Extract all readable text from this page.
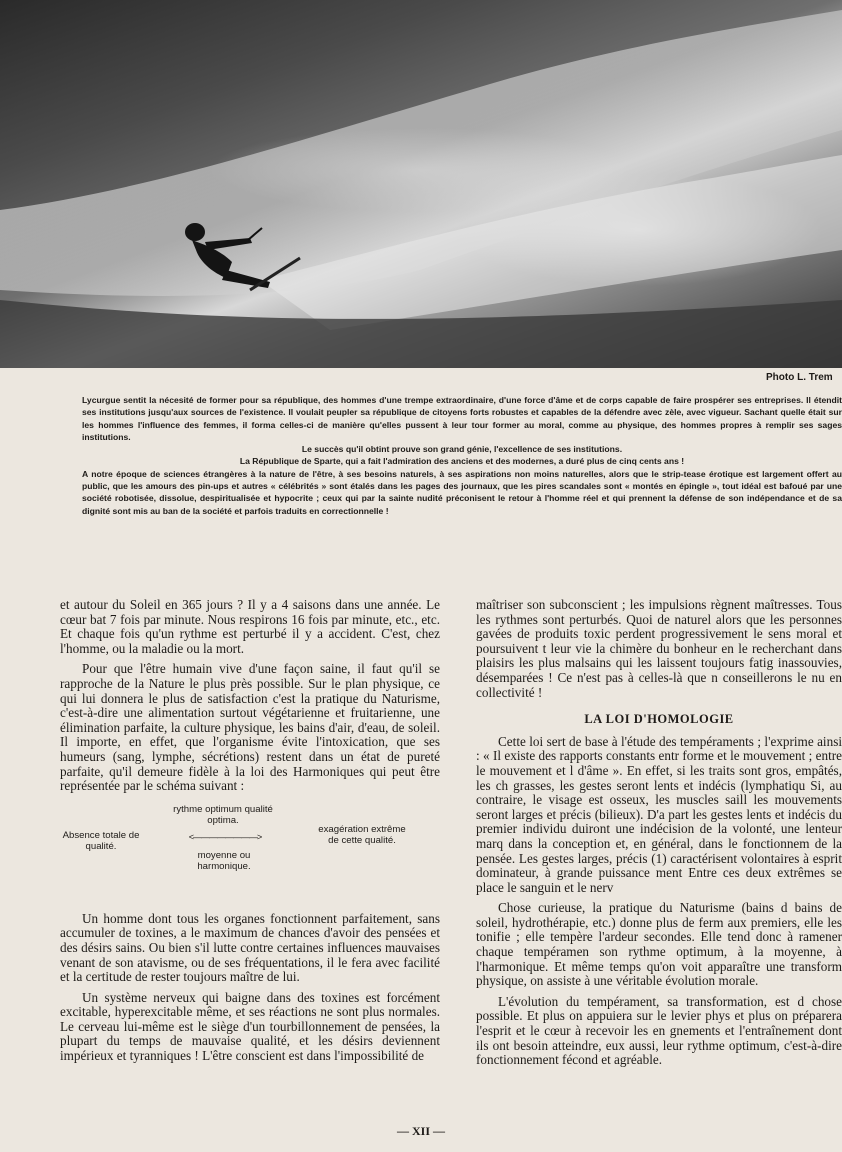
Photo L. Trem

Lycurgue sentit la nécesité de former pour sa république, des hommes d'une trempe extraordinaire, d'une force d'âme et de corps capable de faire prospérer ses entreprises. Il étendit ses institutions jusqu'aux sources de l'existence. Il voulait peupler sa république de citoyens forts robustes et capables de la défendre avec zèle, avec vigueur. Sachant quelle était sur les hommes l'influence des femmes, il forma celles-ci de manière qu'elles pussent à leur tour former au moral, comme au physique, des hommes propres à remplir ses sages institutions.

Le succès qu'il obtint prouve son grand génie, l'excellence de ses institutions.

La République de Sparte, qui a fait l'admiration des anciens et des modernes, a duré plus de cinq cents ans !

A notre époque de sciences étrangères à la nature de l'être, à ses besoins naturels, à ses aspirations non moins naturelles, alors que le strip-tease érotique est largement offert au public, que les amours des pin-ups et autres « célébrités » sont étalés dans les pages des journaux, que les pires scandales sont « montés en épingle », tout idéal est bafoué par une société robotisée, dissolue, despiritualisée et hypocrite ; ceux qui par la sainte nudité préconisent le retour à l'homme réel et qui prennent la défense de son indépendance et de sa dignité sont mis au ban de la société et parfois traduits en correctionnelle !

et autour du Soleil en 365 jours ? Il y a 4 saisons dans une année. Le cœur bat 7 fois par minute. Nous respirons 16 fois par minute, etc., etc. Et chaque fois qu'un rythme est perturbé il y a accident. C'est, chez l'homme, ou la maladie ou la mort.

Pour que l'être humain vive d'une façon saine, il faut qu'il se rapproche de la Nature le plus près possible. Sur le plan physique, ce qui lui donnera le plus de satisfaction c'est la pratique du Naturisme, c'est-à-dire une alimentation surtout végétarienne et fruitarienne, une élimination parfaite, la culture physique, les bains d'air, d'eau, de soleil. Il importe, en effet, que l'organisme évite l'intoxication, que ses humeurs (sang, lymphe, sécrétions) restent dans un état de pureté parfaite, qu'il demeure fidèle à la loi des Harmoniques qui peut être représentée par le schéma suivant :

Absence totale de qualité.
rythme optimum qualité optima.
<————————>
moyenne ou harmonique.
exagération extrême de cette qualité.

Un homme dont tous les organes fonctionnent parfaitement, sans accumuler de toxines, a le maximum de chances d'avoir des pensées et des désirs sains. Ou bien s'il lutte contre certaines influences mauvaises venant de son atavisme, ou de ses fréquentations, il le fera avec facilité et la certitude de rester toujours maître de lui.

Un système nerveux qui baigne dans des toxines est forcément excitable, hyperexcitable même, et ses réactions ne sont plus normales. Le cerveau lui-même est le siège d'un tourbillonnement de pensées, la plupart du temps de mauvaise qualité, et les désirs deviennent impérieux et tyranniques ! L'être conscient est dans l'impossibilité de

maîtriser son subconscient ; les impulsions règnent maîtresses. Tous les rythmes sont perturbés. Quoi de naturel alors que les personnes gavées de produits toxic perdent progressivement le sens moral et poursuivent t leur vie la chimère du bonheur en le recherchant dans plaisirs les plus malsains qui les laissent toujours fatig inassouvies, désemparées ! Ce n'est pas à celles-là que n conseillerons le nu en collectivité !

LA LOI D'HOMOLOGIE

Cette loi sert de base à l'étude des tempéraments ; l'exprime ainsi : « Il existe des rapports constants entr forme et le mouvement ; entre le mouvement et l d'âme ». En effet, si les traits sont gros, empâtés, les ch grasses, les gestes seront lents et indécis (lymphatiqu Si, au contraire, le visage est osseux, les muscles saill les mouvements seront larges et précis (bilieux). D'a part les gestes lents et indécis du premier individu duiront une indécision de la volonté, une lenteur marq dans la conception et, en général, dans le fonctionnem de la pensée. Les gestes larges, précis (1) caractérisent volontaires à esprit dominateur, à grande puissance ment Entre ces deux extrêmes se place le sanguin et le nerv

Chose curieuse, la pratique du Naturisme (bains d bains de soleil, hydrothérapie, etc.) donne plus de ferm aux premiers, elle les tonifie ; elle tempère l'ardeur secondes. Elle tend donc à ramener chaque tempéramen son rythme optimum, à la moyenne, à l'harmonique. Et même temps qu'on voit apparaître une transform physique, on assiste à une véritable évolution morale.

L'évolution du tempérament, sa transformation, est d chose possible. Et plus on appuiera sur le levier phys et plus on préparera l'esprit et le cœur à recevoir les en gnements et l'entraînement dont ils ont besoin atteindre, eux aussi, leur rythme optimum, c'est-à-dire fonctionnement fécond et agréable.

— XII —
